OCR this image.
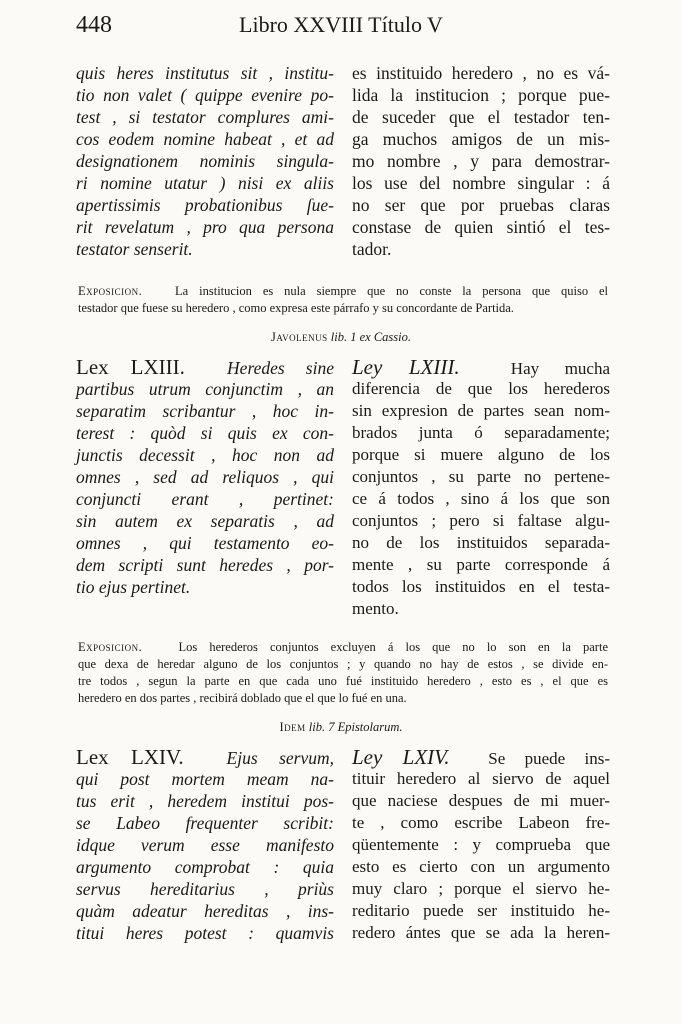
448	Libro XXVIII Título V
quis heres institutus sit , institu-
tio non valet ( quippe evenire po-
test , si testator complures ami-
cos eodem nomine habeat , et ad
designationem nominis singula-
ri nomine utatur ) nisi ex aliis
apertissimis probationibus ſue-
rit revelatum , pro qua persona
testator senserit.
es instituido heredero , no es vá-
lida la institucion ; porque pue-
de suceder que el testador ten-
ga muchos amigos de un mis-
mo nombre , y para demostrar-
los use del nombre singular : á
no ser que por pruebas claras
constase de quien sintió el tes-
tador.
Exposicion.	La institucion es nula siempre que no conste la persona que quiso el
testador que fuese su heredero , como expresa este párrafo y su concordante de Partida.
Javolenus lib. 1 ex Cassio.
Lex LXIII. Heredes sine
partibus utrum conjunctim , an
separatim scribantur , hoc in-
terest : quòd si quis ex con-
junctis decessit , hoc non ad
omnes , sed ad reliquos , qui
conjuncti erant , pertinet:
sin autem ex separatis , ad
omnes , qui testamento eo-
dem scripti sunt heredes , por-
tio ejus pertinet.
Ley LXIII.	Hay mucha
diferencia de que los herederos
sin expresion de partes sean nom-
brados junta ó separadamente;
porque si muere alguno de los
conjuntos , su parte no pertene-
ce á todos , sino á los que son
conjuntos ; pero si faltase algu-
no de los instituidos separada-
mente , su parte corresponde á
todos los instituidos en el testa-
mento.
Exposicion.	Los herederos conjuntos excluyen á los que no lo son en la parte
que dexa de heredar alguno de los conjuntos ; y quando no hay de estos , se divide en-
tre todos , segun la parte en que cada uno fué instituido heredero , esto es , el que es
heredero en dos partes , recibirá doblado que el que lo fué en una.
Idem lib. 7 Epistolarum.
Lex LXIV. Ejus servum,
qui post mortem meam na-
tus erit , heredem institui pos-
se Labeo frequenter scribit:
idque verum esse manifesto
argumento comprobat : quia
servus hereditarius , priùs
quàm adeatur hereditas , ins-
titui heres potest : quamvis
Ley LXIV. Se puede ins-
tituir heredero al siervo de aquel
que naciese despues de mi muer-
te , como escribe Labeon fre-
qüentemente : y comprueba que
esto es cierto con un argumento
muy claro ; porque el siervo he-
reditario puede ser instituido he-
redero ántes que se ada la heren-
